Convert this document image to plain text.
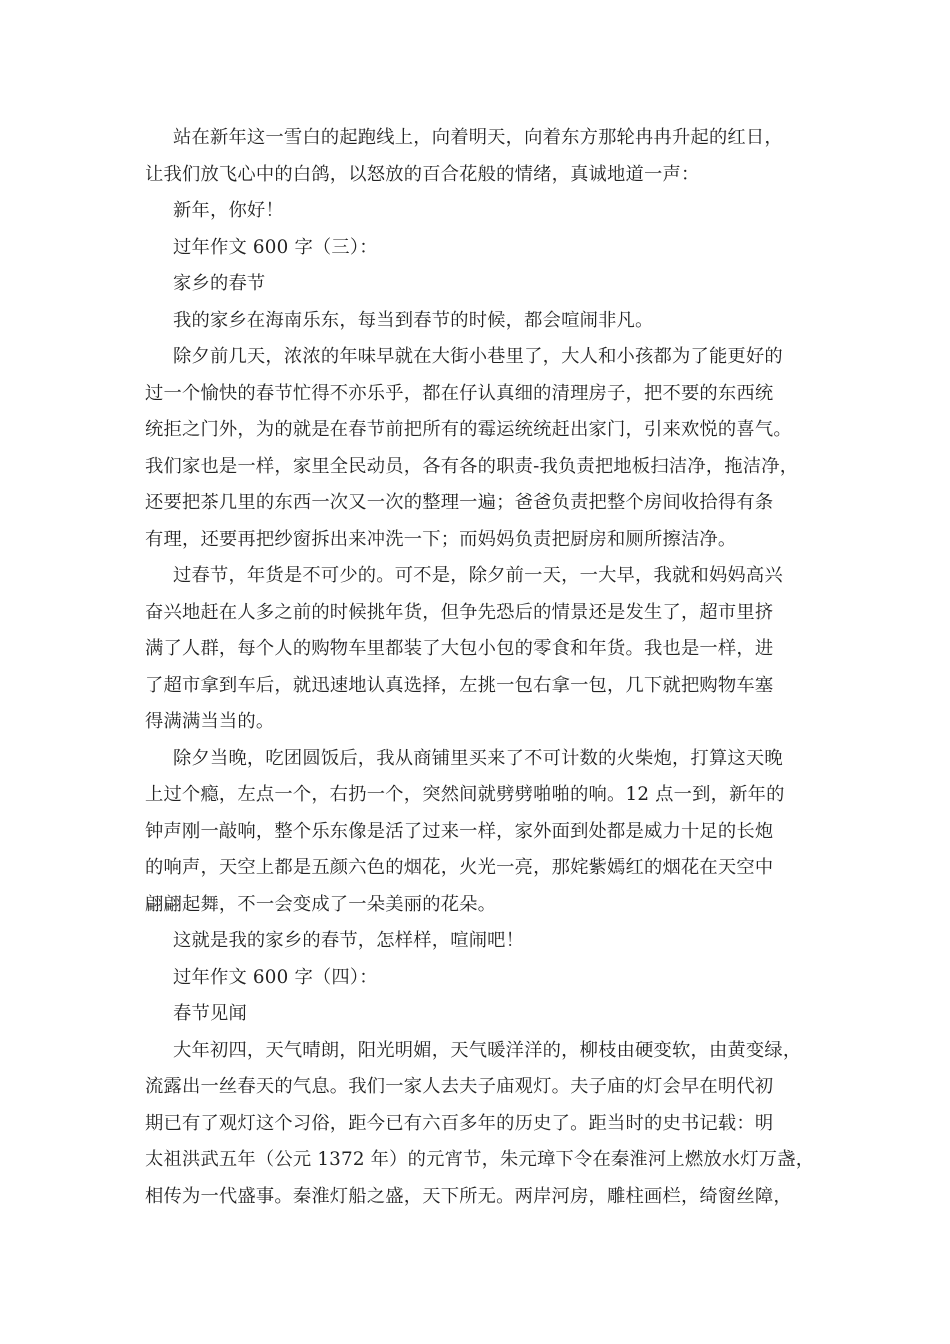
站在新年这一雪白的起跑线上，向着明天，向着东方那轮冉冉升起的红日，
让我们放飞心中的白鸽，以怒放的百合花般的情绪，真诚地道一声：
新年，你好！
过年作文 600 字（三）：
家乡的春节
我的家乡在海南乐东，每当到春节的时候，都会喧闹非凡。
除夕前几天，浓浓的年味早就在大街小巷里了，大人和小孩都为了能更好的
过一个愉快的春节忙得不亦乐乎，都在仔认真细的清理房子，把不要的东西统
统拒之门外，为的就是在春节前把所有的霉运统统赶出家门，引来欢悦的喜气。
我们家也是一样，家里全民动员，各有各的职责-我负责把地板扫洁净，拖洁净，
还要把茶几里的东西一次又一次的整理一遍；爸爸负责把整个房间收拾得有条
有理，还要再把纱窗拆出来冲洗一下；而妈妈负责把厨房和厕所擦洁净。
过春节，年货是不可少的。可不是，除夕前一天，一大早，我就和妈妈高兴
奋兴地赶在人多之前的时候挑年货，但争先恐后的情景还是发生了，超市里挤
满了人群，每个人的购物车里都装了大包小包的零食和年货。我也是一样，进
了超市拿到车后，就迅速地认真选择，左挑一包右拿一包，几下就把购物车塞
得满满当当的。
除夕当晚，吃团圆饭后，我从商铺里买来了不可计数的火柴炮，打算这天晚
上过个瘾，左点一个，右扔一个，突然间就劈劈啪啪的响。12 点一到，新年的
钟声刚一敲响，整个乐东像是活了过来一样，家外面到处都是威力十足的长炮
的响声，天空上都是五颜六色的烟花，火光一亮，那姹紫嫣红的烟花在天空中
翩翩起舞，不一会变成了一朵美丽的花朵。
这就是我的家乡的春节，怎样样，喧闹吧！
过年作文 600 字（四）：
春节见闻
大年初四，天气晴朗，阳光明媚，天气暖洋洋的，柳枝由硬变软，由黄变绿，
流露出一丝春天的气息。我们一家人去夫子庙观灯。夫子庙的灯会早在明代初
期已有了观灯这个习俗，距今已有六百多年的历史了。距当时的史书记载：明
太祖洪武五年（公元 1372 年）的元宵节，朱元璋下令在秦淮河上燃放水灯万盏，
相传为一代盛事。秦淮灯船之盛，天下所无。两岸河房，雕柱画栏，绮窗丝障，
